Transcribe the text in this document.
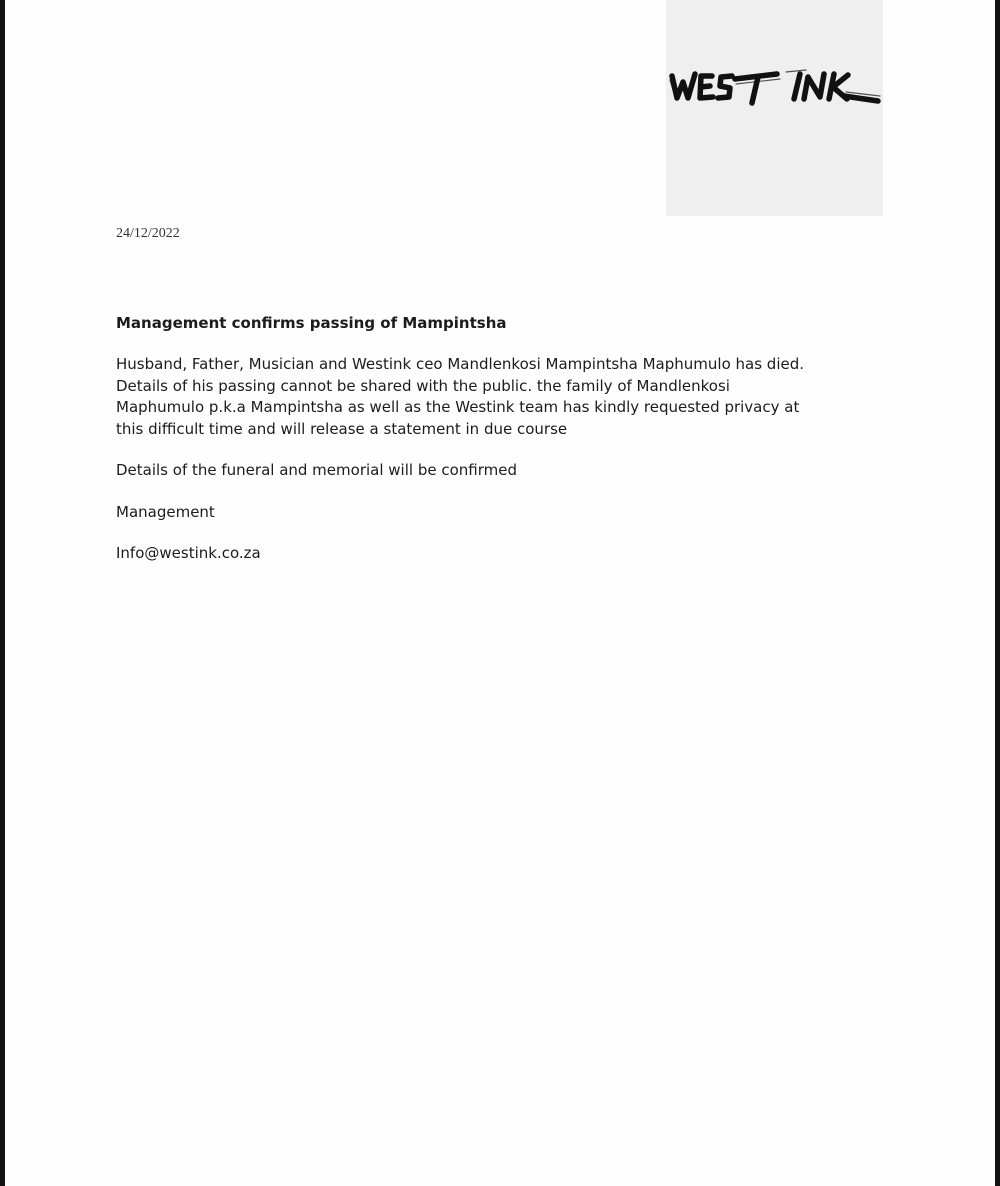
24/12/2022
Management confirms passing of Mampintsha
Husband, Father, Musician and Westink ceo Mandlenkosi Mampintsha Maphumulo has died.
Details of his passing cannot be shared with the public. the family of Mandlenkosi
Maphumulo p.k.a Mampintsha as well as the Westink team has kindly requested privacy at
this difficult time and will release a statement in due course
Details of the funeral and memorial will be confirmed
Management
Info@westink.co.za
